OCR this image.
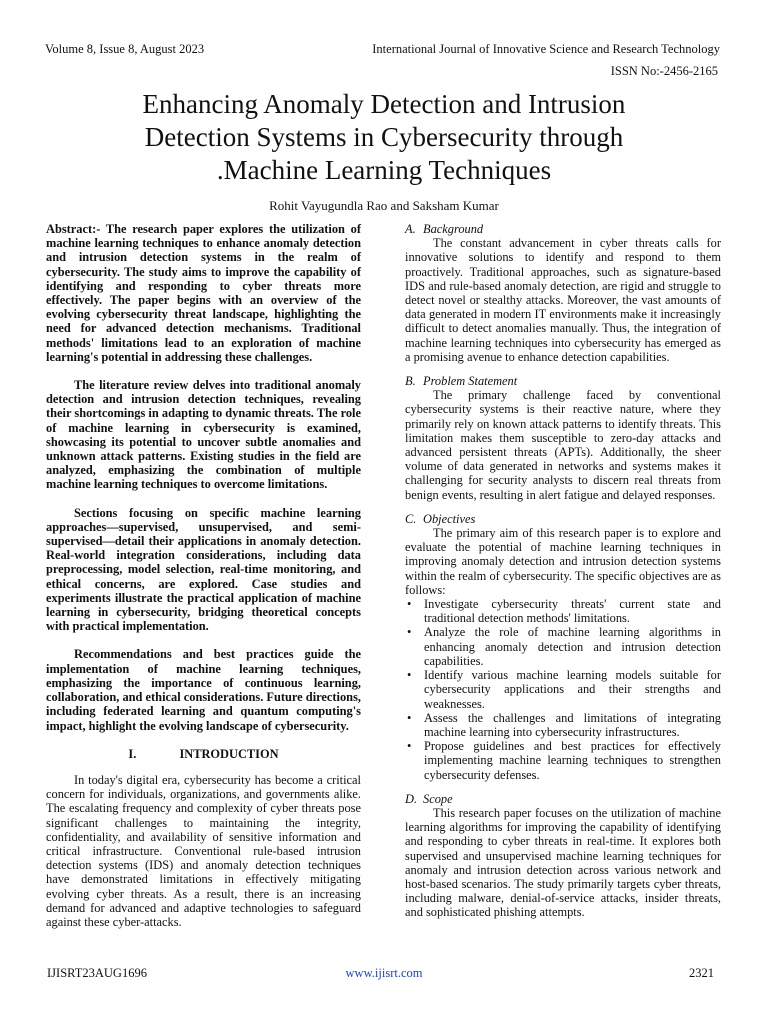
Volume 8, Issue 8, August 2023	International Journal of Innovative Science and Research Technology
ISSN No:-2456-2165
Enhancing Anomaly Detection and Intrusion
Detection Systems in Cybersecurity through
.Machine Learning Techniques
Rohit Vayugundla Rao and Saksham Kumar

Abstract:- The research paper explores the utilization of machine learning techniques to enhance anomaly detection and intrusion detection systems in the realm of cybersecurity. The study aims to improve the capability of identifying and responding to cyber threats more effectively. The paper begins with an overview of the evolving cybersecurity threat landscape, highlighting the need for advanced detection mechanisms. Traditional methods' limitations lead to an exploration of machine learning's potential in addressing these challenges.

The literature review delves into traditional anomaly detection and intrusion detection techniques, revealing their shortcomings in adapting to dynamic threats. The role of machine learning in cybersecurity is examined, showcasing its potential to uncover subtle anomalies and unknown attack patterns. Existing studies in the field are analyzed, emphasizing the combination of multiple machine learning techniques to overcome limitations.

Sections focusing on specific machine learning approaches—supervised, unsupervised, and semi-supervised—detail their applications in anomaly detection. Real-world integration considerations, including data preprocessing, model selection, real-time monitoring, and ethical concerns, are explored. Case studies and experiments illustrate the practical application of machine learning in cybersecurity, bridging theoretical concepts with practical implementation.

Recommendations and best practices guide the implementation of machine learning techniques, emphasizing the importance of continuous learning, collaboration, and ethical considerations. Future directions, including federated learning and quantum computing's impact, highlight the evolving landscape of cybersecurity.

I.	INTRODUCTION

In today's digital era, cybersecurity has become a critical concern for individuals, organizations, and governments alike. The escalating frequency and complexity of cyber threats pose significant challenges to maintaining the integrity, confidentiality, and availability of sensitive information and critical infrastructure. Conventional rule-based intrusion detection systems (IDS) and anomaly detection techniques have demonstrated limitations in effectively mitigating evolving cyber threats. As a result, there is an increasing demand for advanced and adaptive technologies to safeguard against these cyber-attacks.

A. Background

The constant advancement in cyber threats calls for innovative solutions to identify and respond to them proactively. Traditional approaches, such as signature-based IDS and rule-based anomaly detection, are rigid and struggle to detect novel or stealthy attacks. Moreover, the vast amounts of data generated in modern IT environments make it increasingly difficult to detect anomalies manually. Thus, the integration of machine learning techniques into cybersecurity has emerged as a promising avenue to enhance detection capabilities.

B. Problem Statement

The primary challenge faced by conventional cybersecurity systems is their reactive nature, where they primarily rely on known attack patterns to identify threats. This limitation makes them susceptible to zero-day attacks and advanced persistent threats (APTs). Additionally, the sheer volume of data generated in networks and systems makes it challenging for security analysts to discern real threats from benign events, resulting in alert fatigue and delayed responses.

C. Objectives

The primary aim of this research paper is to explore and evaluate the potential of machine learning techniques in improving anomaly detection and intrusion detection systems within the realm of cybersecurity. The specific objectives are as follows:

• Investigate cybersecurity threats' current state and traditional detection methods' limitations.
• Analyze the role of machine learning algorithms in enhancing anomaly detection and intrusion detection capabilities.
• Identify various machine learning models suitable for cybersecurity applications and their strengths and weaknesses.
• Assess the challenges and limitations of integrating machine learning into cybersecurity infrastructures.
• Propose guidelines and best practices for effectively implementing machine learning techniques to strengthen cybersecurity defenses.
D. Scope

This research paper focuses on the utilization of machine learning algorithms for improving the capability of identifying and responding to cyber threats in real-time. It explores both supervised and unsupervised machine learning techniques for anomaly and intrusion detection across various network and host-based scenarios. The study primarily targets cyber threats, including malware, denial-of-service attacks, insider threats, and sophisticated phishing attempts.

IJISRT23AUG1696	www.ijisrt.com	2321
